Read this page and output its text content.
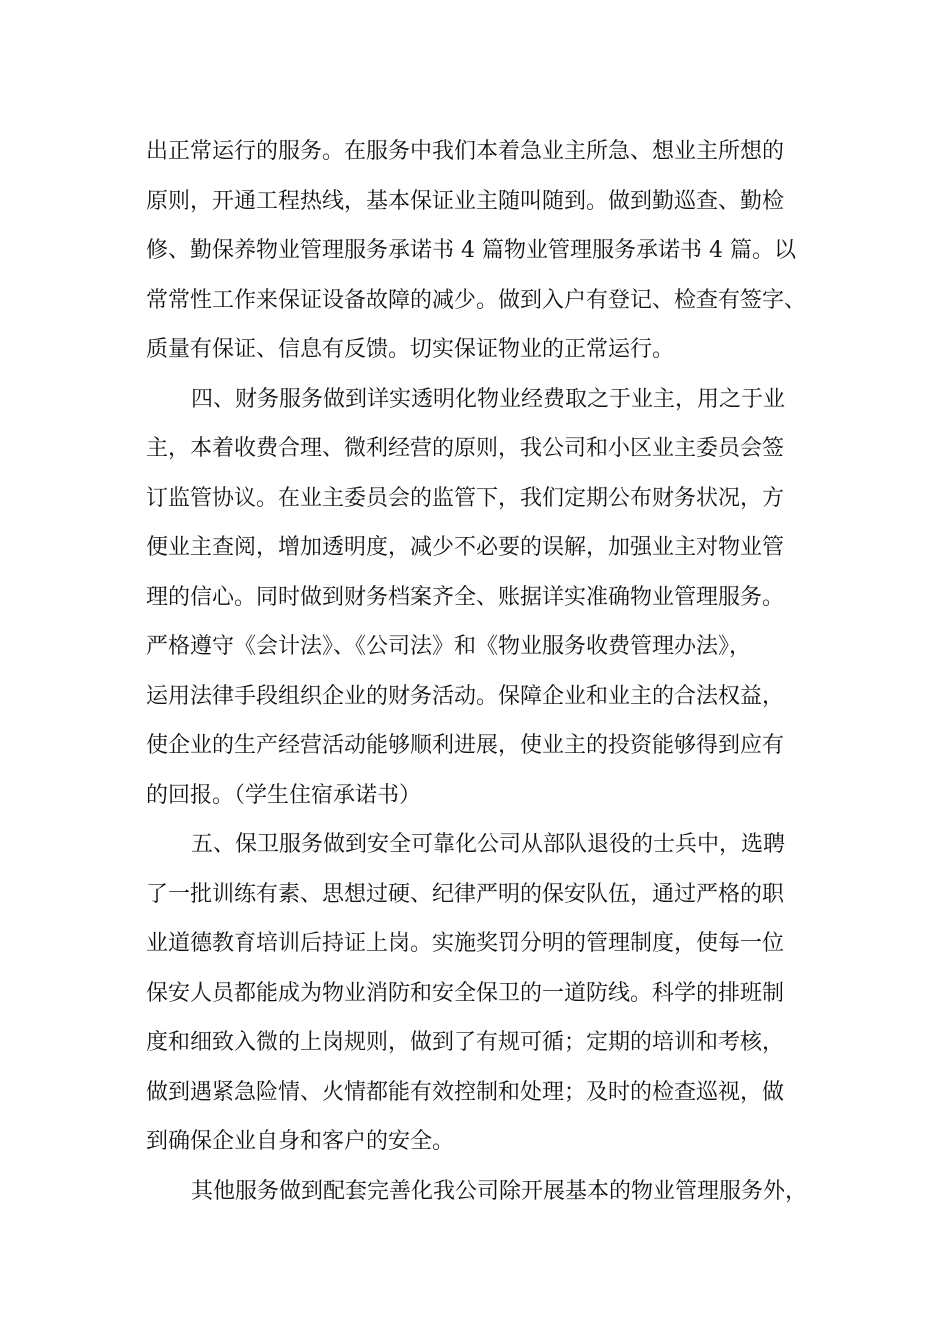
出正常运行的服务。在服务中我们本着急业主所急、想业主所想的
原则，开通工程热线，基本保证业主随叫随到。做到勤巡查、勤检
修、勤保养物业管理服务承诺书 4 篇物业管理服务承诺书 4 篇。以
常常性工作来保证设备故障的减少。做到入户有登记、检查有签字、
质量有保证、信息有反馈。切实保证物业的正常运行。
四、财务服务做到详实透明化物业经费取之于业主，用之于业
主，本着收费合理、微利经营的原则，我公司和小区业主委员会签
订监管协议。在业主委员会的监管下，我们定期公布财务状况，方
便业主查阅，增加透明度，减少不必要的误解，加强业主对物业管
理的信心。同时做到财务档案齐全、账据详实准确物业管理服务。
严格遵守《会计法》、《公司法》和《物业服务收费管理办法》，
运用法律手段组织企业的财务活动。保障企业和业主的合法权益，
使企业的生产经营活动能够顺利进展，使业主的投资能够得到应有
的回报。（学生住宿承诺书）
五、保卫服务做到安全可靠化公司从部队退役的士兵中，选聘
了一批训练有素、思想过硬、纪律严明的保安队伍，通过严格的职
业道德教育培训后持证上岗。实施奖罚分明的管理制度，使每一位
保安人员都能成为物业消防和安全保卫的一道防线。科学的排班制
度和细致入微的上岗规则，做到了有规可循；定期的培训和考核，
做到遇紧急险情、火情都能有效控制和处理；及时的检查巡视，做
到确保企业自身和客户的安全。
其他服务做到配套完善化我公司除开展基本的物业管理服务外，
